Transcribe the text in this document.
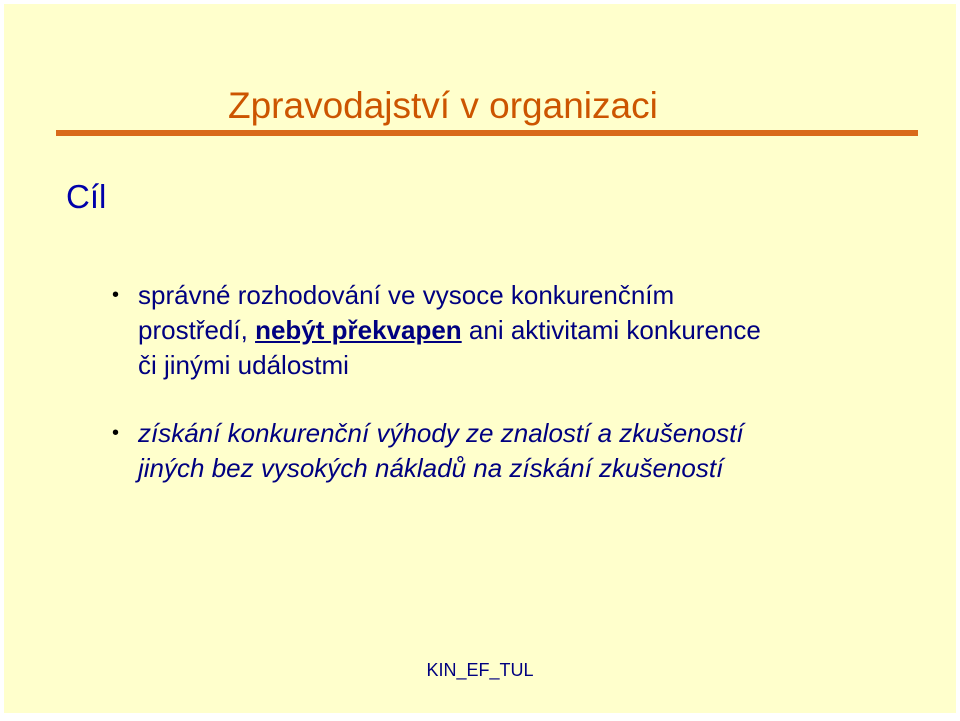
Zpravodajství v organizaci
Cíl
• správné rozhodování ve vysoce konkurenčním
prostředí, nebýt překvapen ani aktivitami konkurence
či jinými událostmi
• získání konkurenční výhody ze znalostí a zkušeností
jiných bez vysokých nákladů na získání zkušeností
KIN_EF_TUL
